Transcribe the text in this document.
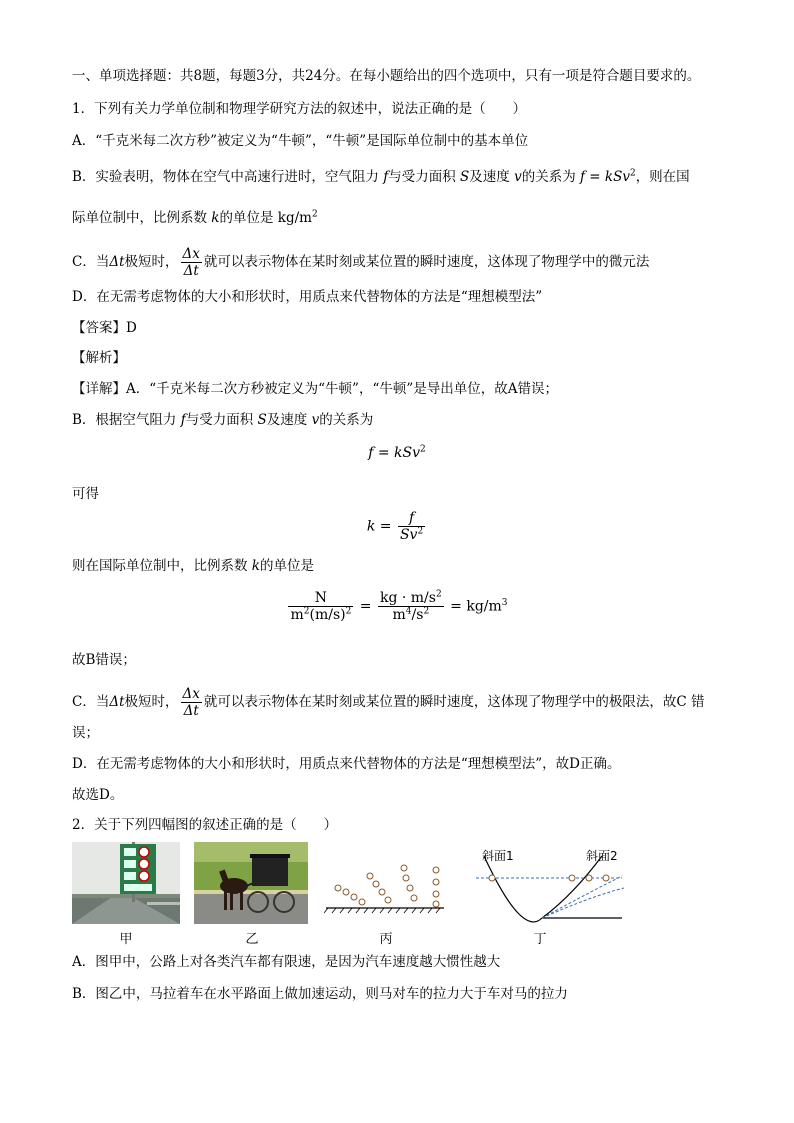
一、单项选择题：共8题，每题3分，共24分。在每小题给出的四个选项中，只有一项是符合题目要求的。
1．下列有关力学单位制和物理学研究方法的叙述中，说法正确的是（　　）
A．“千克米每二次方秒”被定义为“牛顿”，“牛顿”是国际单位制中的基本单位
B．实验表明，物体在空气中高速行进时，空气阻力 f与受力面积 S及速度 v的关系为 f = kSv$^2$，则在国
际单位制中，比例系数 k的单位是 $kg/m^2$
C．当Δt极短时， $\frac{\Delta x}{\Delta t}$ 就可以表示物体在某时刻或某位置的瞬时速度，这体现了物理学中的微元法
D．在无需考虑物体的大小和形状时，用质点来代替物体的方法是“理想模型法”
【答案】D
【解析】
【详解】A．“千克米每二次方秒被定义为“牛顿”，“牛顿”是导出单位，故A错误；
B．根据空气阻力 f与受力面积 S及速度 v的关系为
f = kSv$^2$
可得
$k = \frac{f}{Sv^2}$
则在国际单位制中，比例系数 k的单位是
$\frac{N}{m^2(m/s)^2} = \frac{kg \cdot m/s^2}{m^4/s^2} = kg/m^3$
故B错误；
C．当Δt极短时， $\frac{\Delta x}{\Delta t}$ 就可以表示物体在某时刻或某位置的瞬时速度，这体现了物理学中的极限法，故C 错
误；
D．在无需考虑物体的大小和形状时，用质点来代替物体的方法是“理想模型法”，故D正确。
故选D。
2．关于下列四幅图的叙述正确的是（　　）
甲	乙	丙
斜面1	斜面2
丁
A．图甲中，公路上对各类汽车都有限速，是因为汽车速度越大惯性越大
B．图乙中，马拉着车在水平路面上做加速运动，则马对车的拉力大于车对马的拉力
